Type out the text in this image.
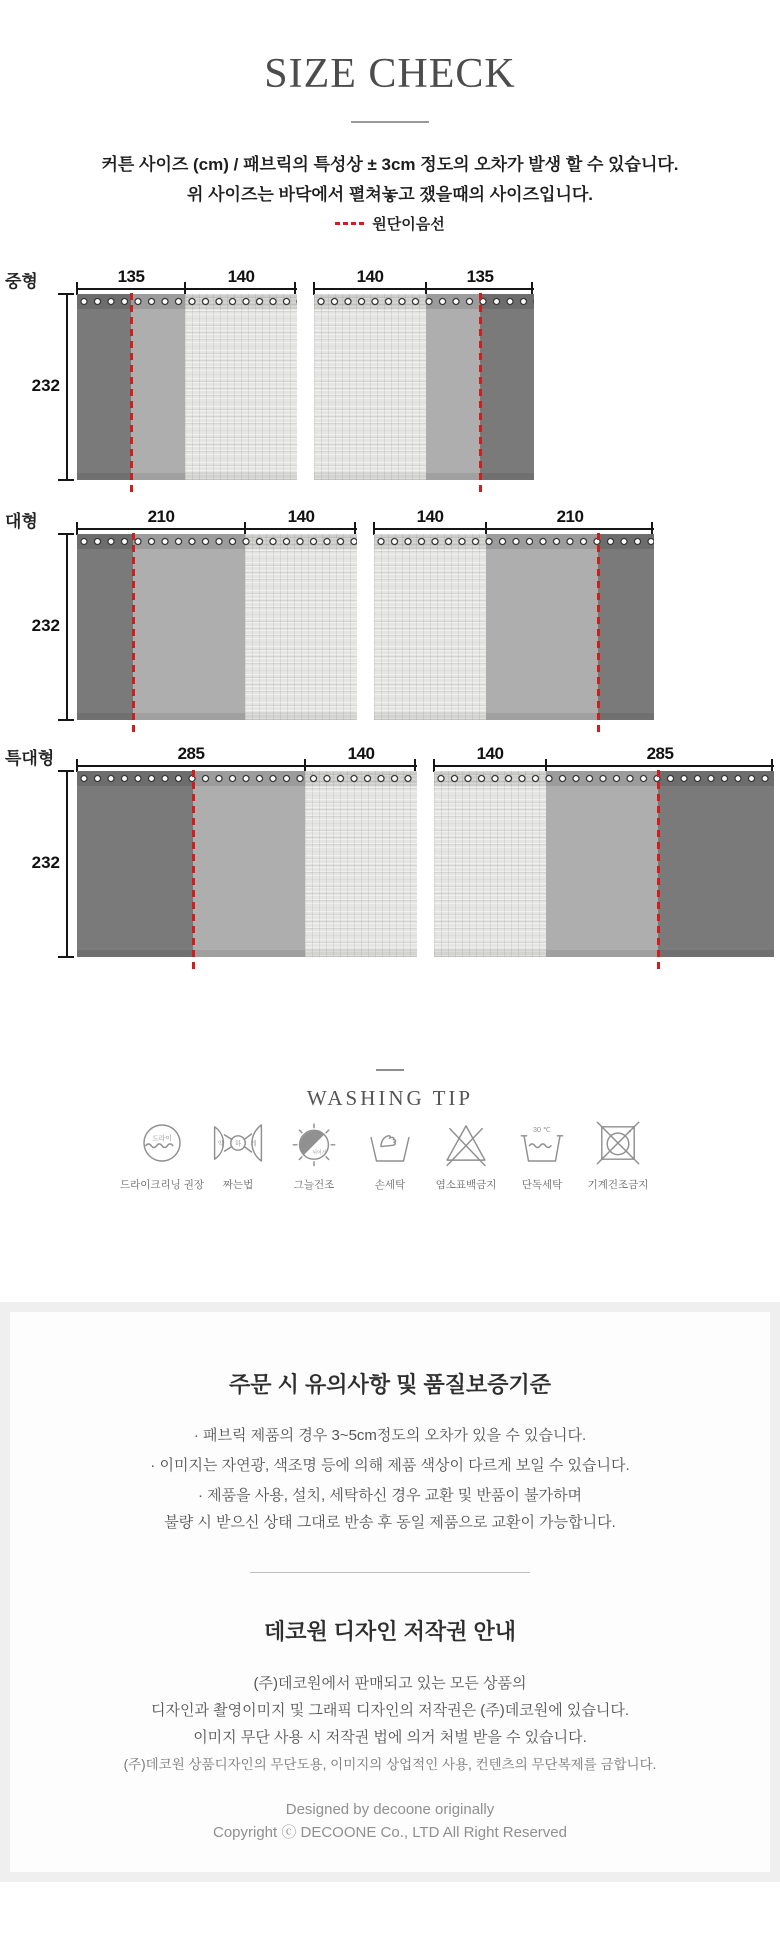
SIZE CHECK
커튼 사이즈 (cm) / 패브릭의 특성상 ± 3cm 정도의 오차가 발생 할 수 있습니다.
위 사이즈는 바닥에서 펼쳐놓고 쟀을때의 사이즈입니다.
원단이음선
중형
232
135	140	140	135
대형
232
210	140	140	210
특대형
232
285	140	140	285
WASHING TIP
드라이
드라이크리닝 권장
약 하 게
짜는법
뉘어서
그늘건조	손세탁	염소표백금지
30 ℃
단독세탁 기계건조금지
주문 시 유의사항 및 품질보증기준
· 패브릭 제품의 경우 3~5cm정도의 오차가 있을 수 있습니다.
· 이미지는 자연광, 색조명 등에 의해 제품 색상이 다르게 보일 수 있습니다.
· 제품을 사용, 설치, 세탁하신 경우 교환 및 반품이 불가하며
불량 시 받으신 상태 그대로 반송 후 동일 제품으로 교환이 가능합니다.
데코원 디자인 저작권 안내
(주)데코원에서 판매되고 있는 모든 상품의
디자인과 촬영이미지 및 그래픽 디자인의 저작권은 (주)데코원에 있습니다.
이미지 무단 사용 시 저작권 법에 의거 처벌 받을 수 있습니다.
(주)데코원 상품디자인의 무단도용, 이미지의 상업적인 사용, 컨텐츠의 무단복제를 금합니다.
Designed by decoone originally
Copyright ⓒ DECOONE Co., LTD All Right Reserved
